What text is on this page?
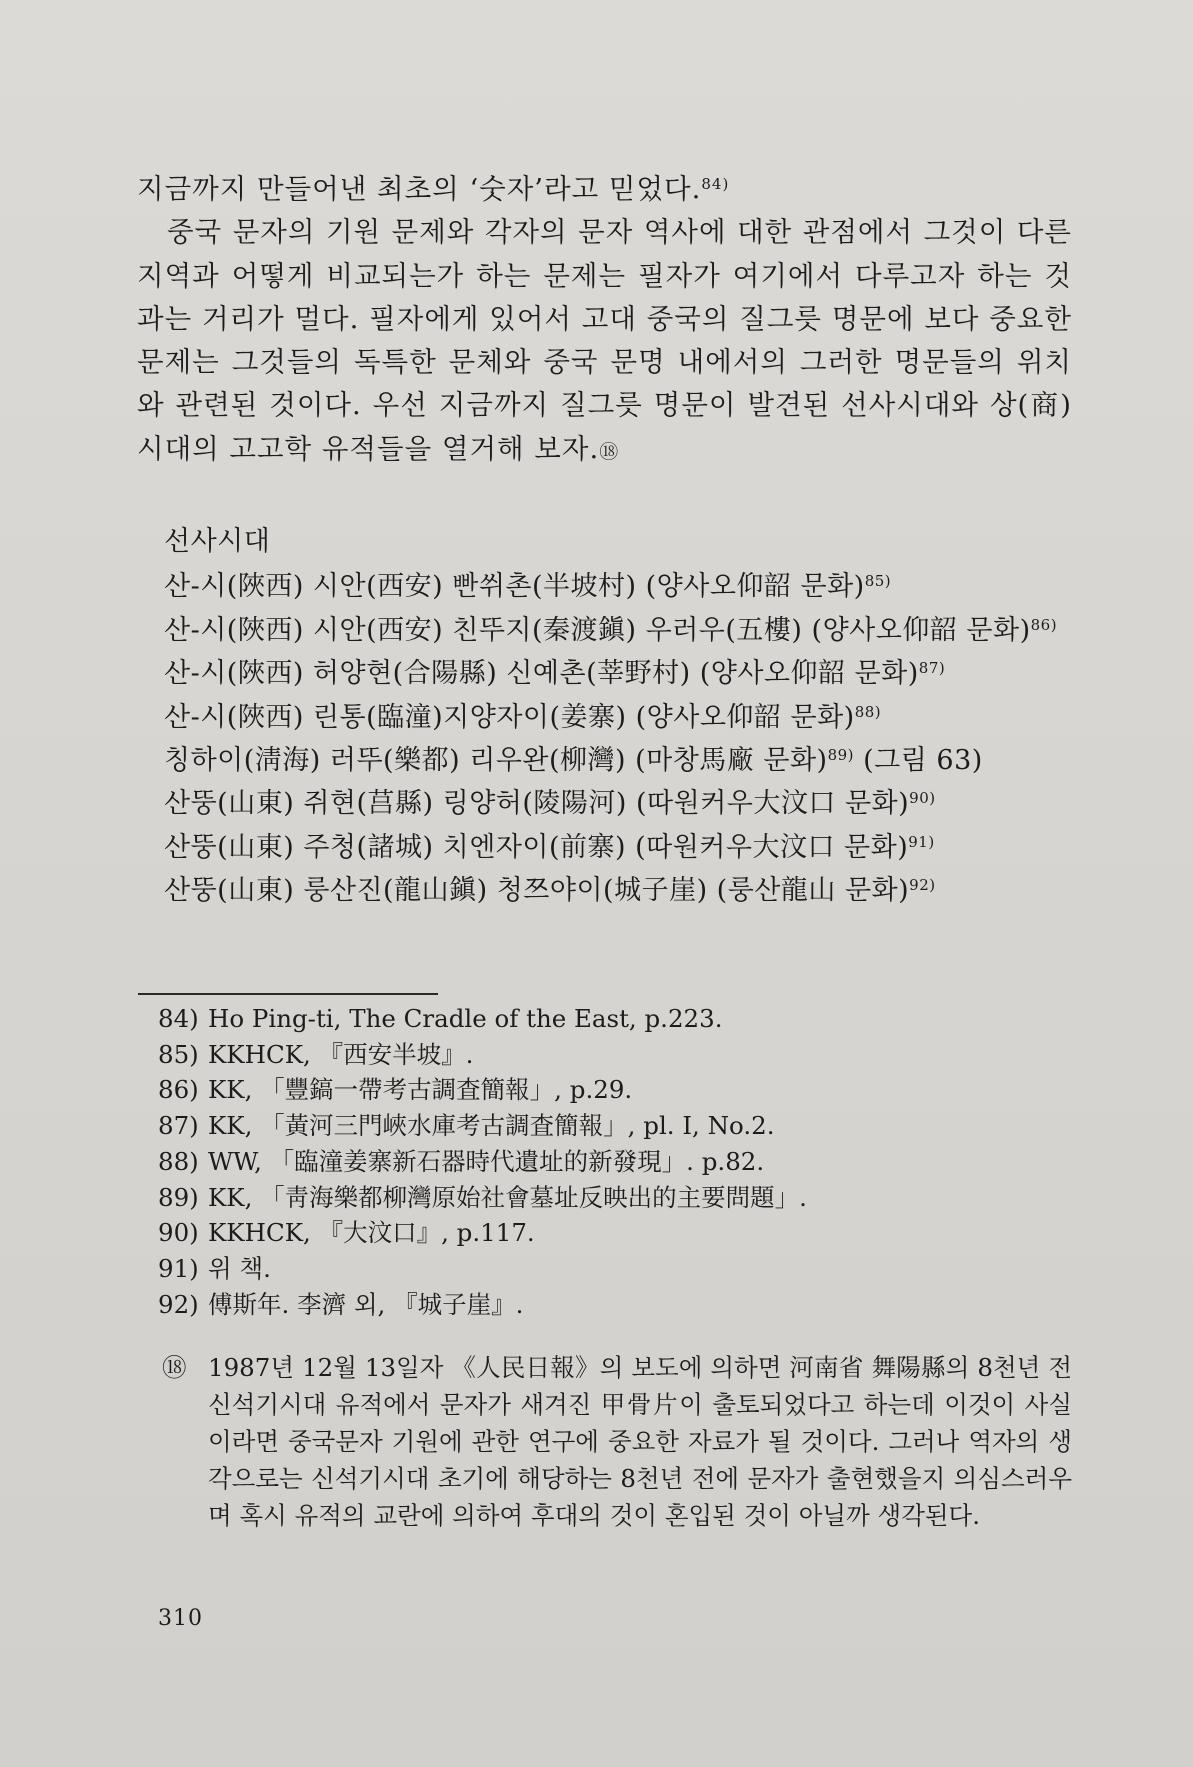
지금까지 만들어낸 최초의 ‘숫자’라고 믿었다.$^{84)}$

중국 문자의 기원 문제와 각자의 문자 역사에 대한 관점에서 그것이 다른 지역과 어떻게 비교되는가 하는 문제는 필자가 여기에서 다루고자 하는 것과는 거리가 멀다. 필자에게 있어서 고대 중국의 질그릇 명문에 보다 중요한 문제는 그것들의 독특한 문체와 중국 문명 내에서의 그러한 명문들의 위치와 관련된 것이다. 우선 지금까지 질그릇 명문이 발견된 선사시대와 상(商)시대의 고고학 유적들을 열거해 보자.⑱

선사시대

산-시(陜西) 시안(西安) 빤쒸촌(半坡村) (양사오仰韶 문화)$^{85)}$

산-시(陜西) 시안(西安) 친뚜지(秦渡鎭) 우러우(五樓) (양사오仰韶 문화)$^{86)}$

산-시(陜西) 허양현(合陽縣) 신예촌(莘野村) (양사오仰韶 문화)$^{87)}$

산-시(陜西) 린통(臨潼)지양자이(姜寨) (양사오仰韶 문화)$^{88)}$

칭하이(淸海) 러뚜(樂都) 리우완(柳灣) (마창馬廠 문화)$^{89)}$ (그림 63)

산뚱(山東) 쥐현(莒縣) 링양허(陵陽河) (따원커우大汶口 문화)$^{90)}$

산뚱(山東) 주청(諸城) 치엔자이(前寨) (따원커우大汶口 문화)$^{91)}$

산뚱(山東) 룽산진(龍山鎭) 청쯔야이(城子崖) (룽산龍山 문화)$^{92)}$

84) Ho Ping-ti, The Cradle of the East, p.223.
85) KKHCK, 『西安半坡』.
86) KK, 「豐鎬一帶考古調査簡報」, p.29.
87) KK, 「黃河三門峽水庫考古調査簡報」, pl. I, No.2.
88) WW, 「臨潼姜寨新石器時代遺址的新發現」. p.82.
89) KK, 「靑海樂都柳灣原始社會墓址反映出的主要問題」.
90) KKHCK, 『大汶口』, p.117.
91) 위 책.
92) 傅斯年. 李濟 외, 『城子崖』.
⑱ 1987년 12월 13일자 《人民日報》의 보도에 의하면 河南省 舞陽縣의 8천년 전 신석기시대 유적에서 문자가 새겨진 甲骨片이 출토되었다고 하는데 이것이 사실이라면 중국문자 기원에 관한 연구에 중요한 자료가 될 것이다. 그러나 역자의 생각으로는 신석기시대 초기에 해당하는 8천년 전에 문자가 출현했을지 의심스러우며 혹시 유적의 교란에 의하여 후대의 것이 혼입된 것이 아닐까 생각된다.
310
